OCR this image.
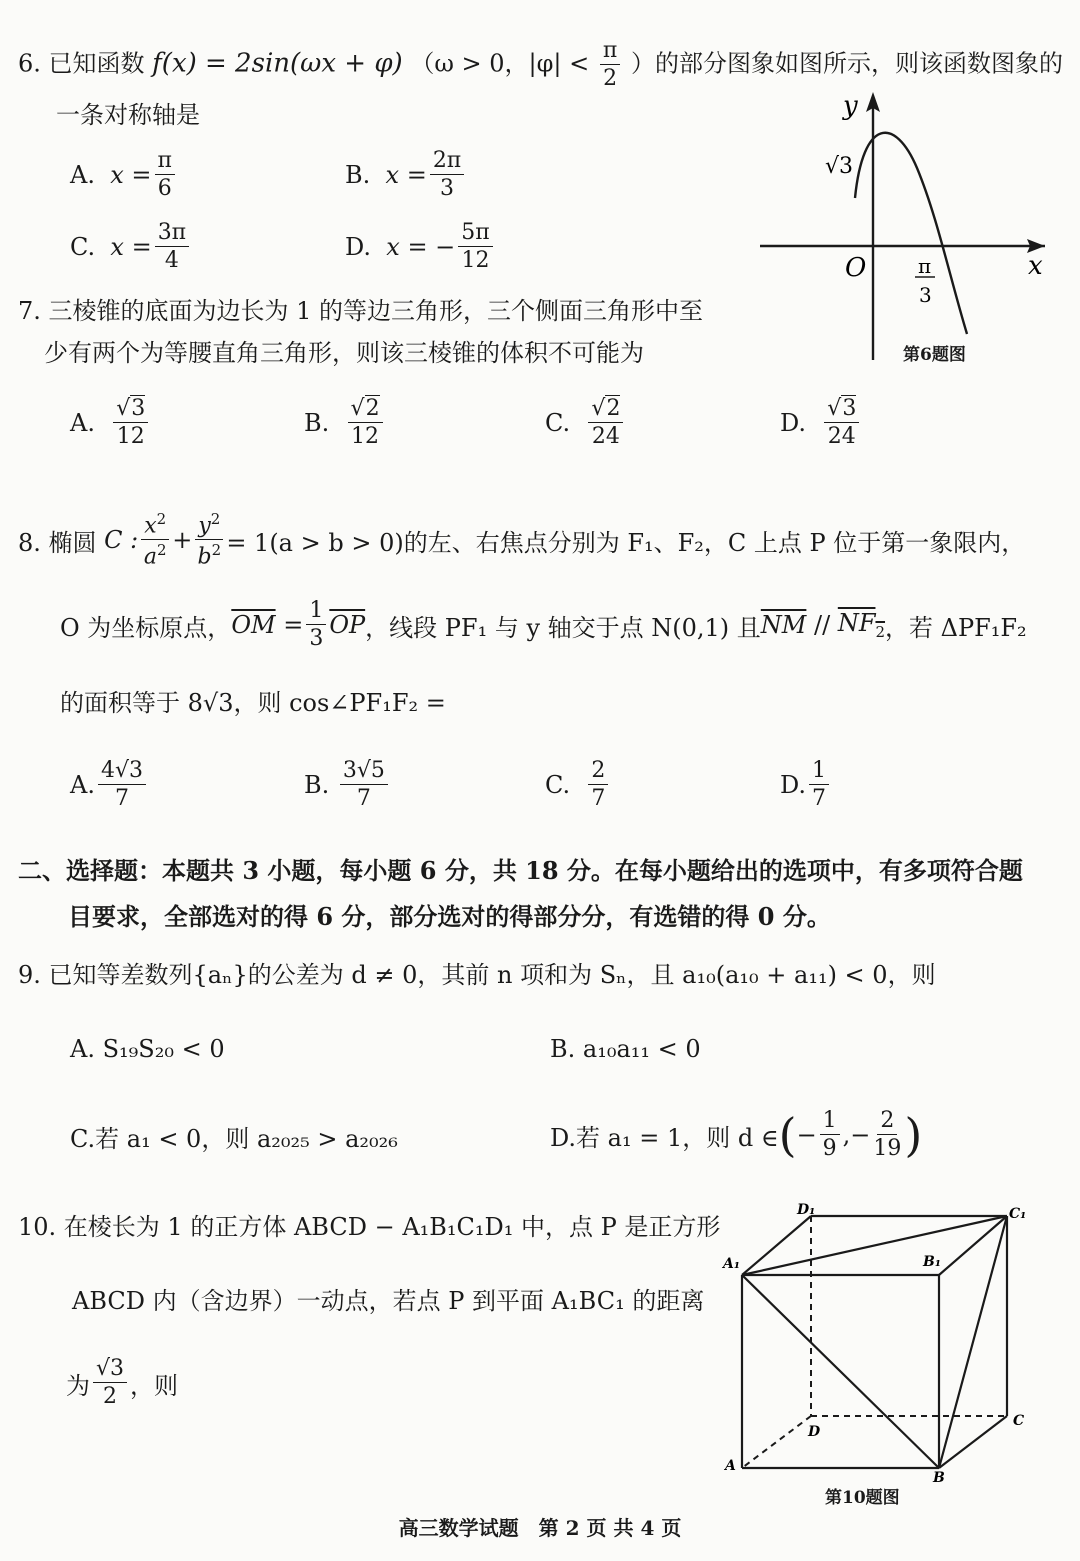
6. 已知函数 f(x) = 2sin(ωx + φ) （ω > 0，$|\varphi| < \frac{\pi}{2}$ ）的部分图象如图所示，则该函数图象的
一条对称轴是
A.
$x = \frac{\pi}{6}$	B.
$x = \frac{2\pi}{3}$
C.
$x = \frac{3\pi}{4}$	D.
x = − $\frac{5\pi}{12}$
y
x
O
√3
π
3
第6题图
7. 三棱锥的底面为边长为 1 的等边三角形，三个侧面三角形中至
少有两个为等腰直角三角形，则该三棱锥的体积不可能为
A.
$\frac{√3}{12}$	B.
$\frac{√2}{12}$	C.
$\frac{√2}{24}$	D.
$\frac{√3}{24}$
8. 椭圆 C : $\frac{x^2}{a^2} + \frac{y^2}{b^2} = 1(a > b > 0)$的左、右焦点分别为 F₁、F₂，C 上点 P 位于第一象限内，
O 为坐标原点， $\overline{OM} = \frac{1}{3} \overline{OP}$ ，线段 PF₁ 与 y 轴交于点 N(0,1) 且 $\overline{NM} // NF_2$ ，若 ΔPF₁F₂
的面积等于 8√3，则 cos∠PF₁F₂ =
A. $\frac{4√3}{7}$	B.
$\frac{3√5}{7}$	C.
$\frac{2}{7}$	D. $\frac{1}{7}$
二、选择题：本题共 3 小题，每小题 6 分，共 18 分。在每小题给出的选项中，有多项符合题
目要求，全部选对的得 6 分，部分选对的得部分分，有选错的得 0 分。
9. 已知等差数列{aₙ}的公差为 d ≠ 0，其前 n 项和为 Sₙ，且 a₁₀(a₁₀ + a₁₁) < 0，则
A. S₁₉S₂₀ < 0	B. a₁₀a₁₁ < 0
C.若 a₁ < 0，则 a₂₀₂₅ > a₂₀₂₆	D.若 a₁ = 1，则 d ∈ ( − $\frac{1}{9}$ ,− $\frac{2}{19}$ )
10. 在棱长为 1 的正方体 ABCD − A₁B₁C₁D₁ 中，点 P 是正方形
ABCD 内（含边界）一动点，若点 P 到平面 A₁BC₁ 的距离
为 $\frac{√3}{2}$ ，则
A₁
D₁	C₁
B₁
A
D
C
B
第10题图
高三数学试题　第 2 页 共 4 页
